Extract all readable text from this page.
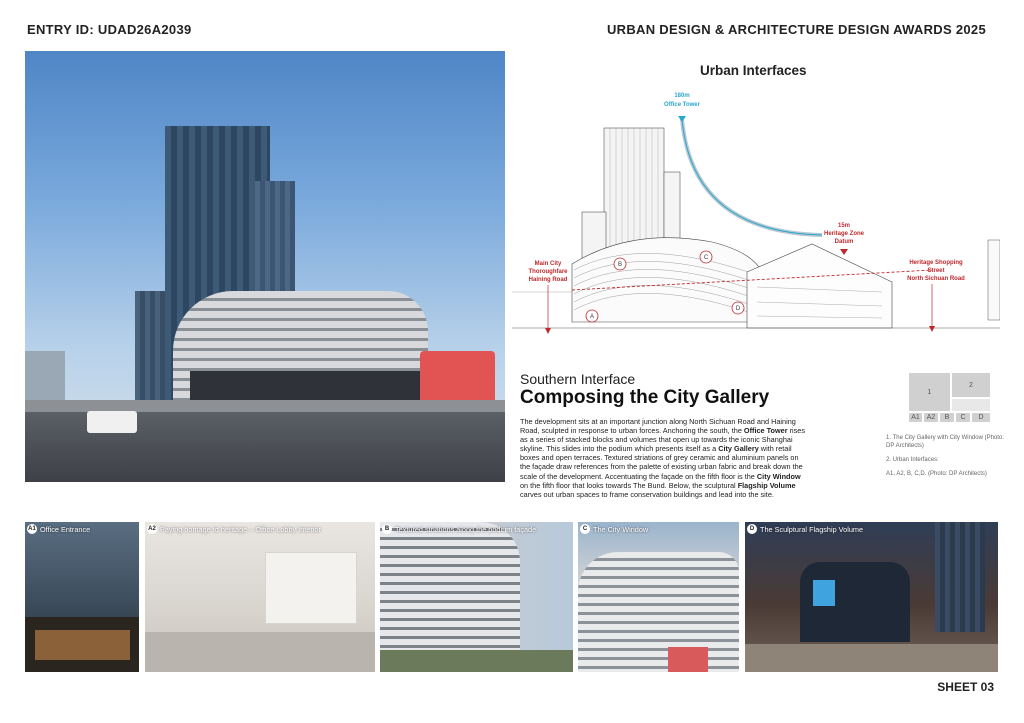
ENTRY ID: UDAD26A2039	URBAN DESIGN & ARCHITECTURE DESIGN AWARDS 2025
Urban Interfaces
180m
Office Tower
15m
Heritage Zone
Datum
Main City
Thoroughfare
Haining Road
Heritage Shopping
Street
North Sichuan Road
A
B
C
D
Southern Interface
Composing the City Gallery
The development sits at an important junction along North Sichuan Road and Haining Road, sculpted in response to urban forces. Anchoring the south, the Office Tower rises as a series of stacked blocks and volumes that open up towards the iconic Shanghai skyline. This slides into the podium which presents itself as a City Gallery with retail boxes and open terraces. Textured striations of grey ceramic and aluminium panels on the façade draw references from the palette of existing urban fabric and break down the scale of the development. Accentuating the façade on the fifth floor is the City Window on the fifth floor that looks towards The Bund. Below, the sculptural Flagship Volume carves out urban spaces to frame conservation buildings and lead into the site.
1
2
A1 A2	B	C	D
1. The City Gallery with City Window (Photo: DP Architects)
2. Urban Interfaces:
A1, A2, B, C,D. (Photo: DP Architects)
A1 Office Entrance	A2 Paying homage to heritage – Office Lobby Interior	B Textured striations along the podium façade	C The City Window	D The Sculptural Flagship Volume
SHEET 03
